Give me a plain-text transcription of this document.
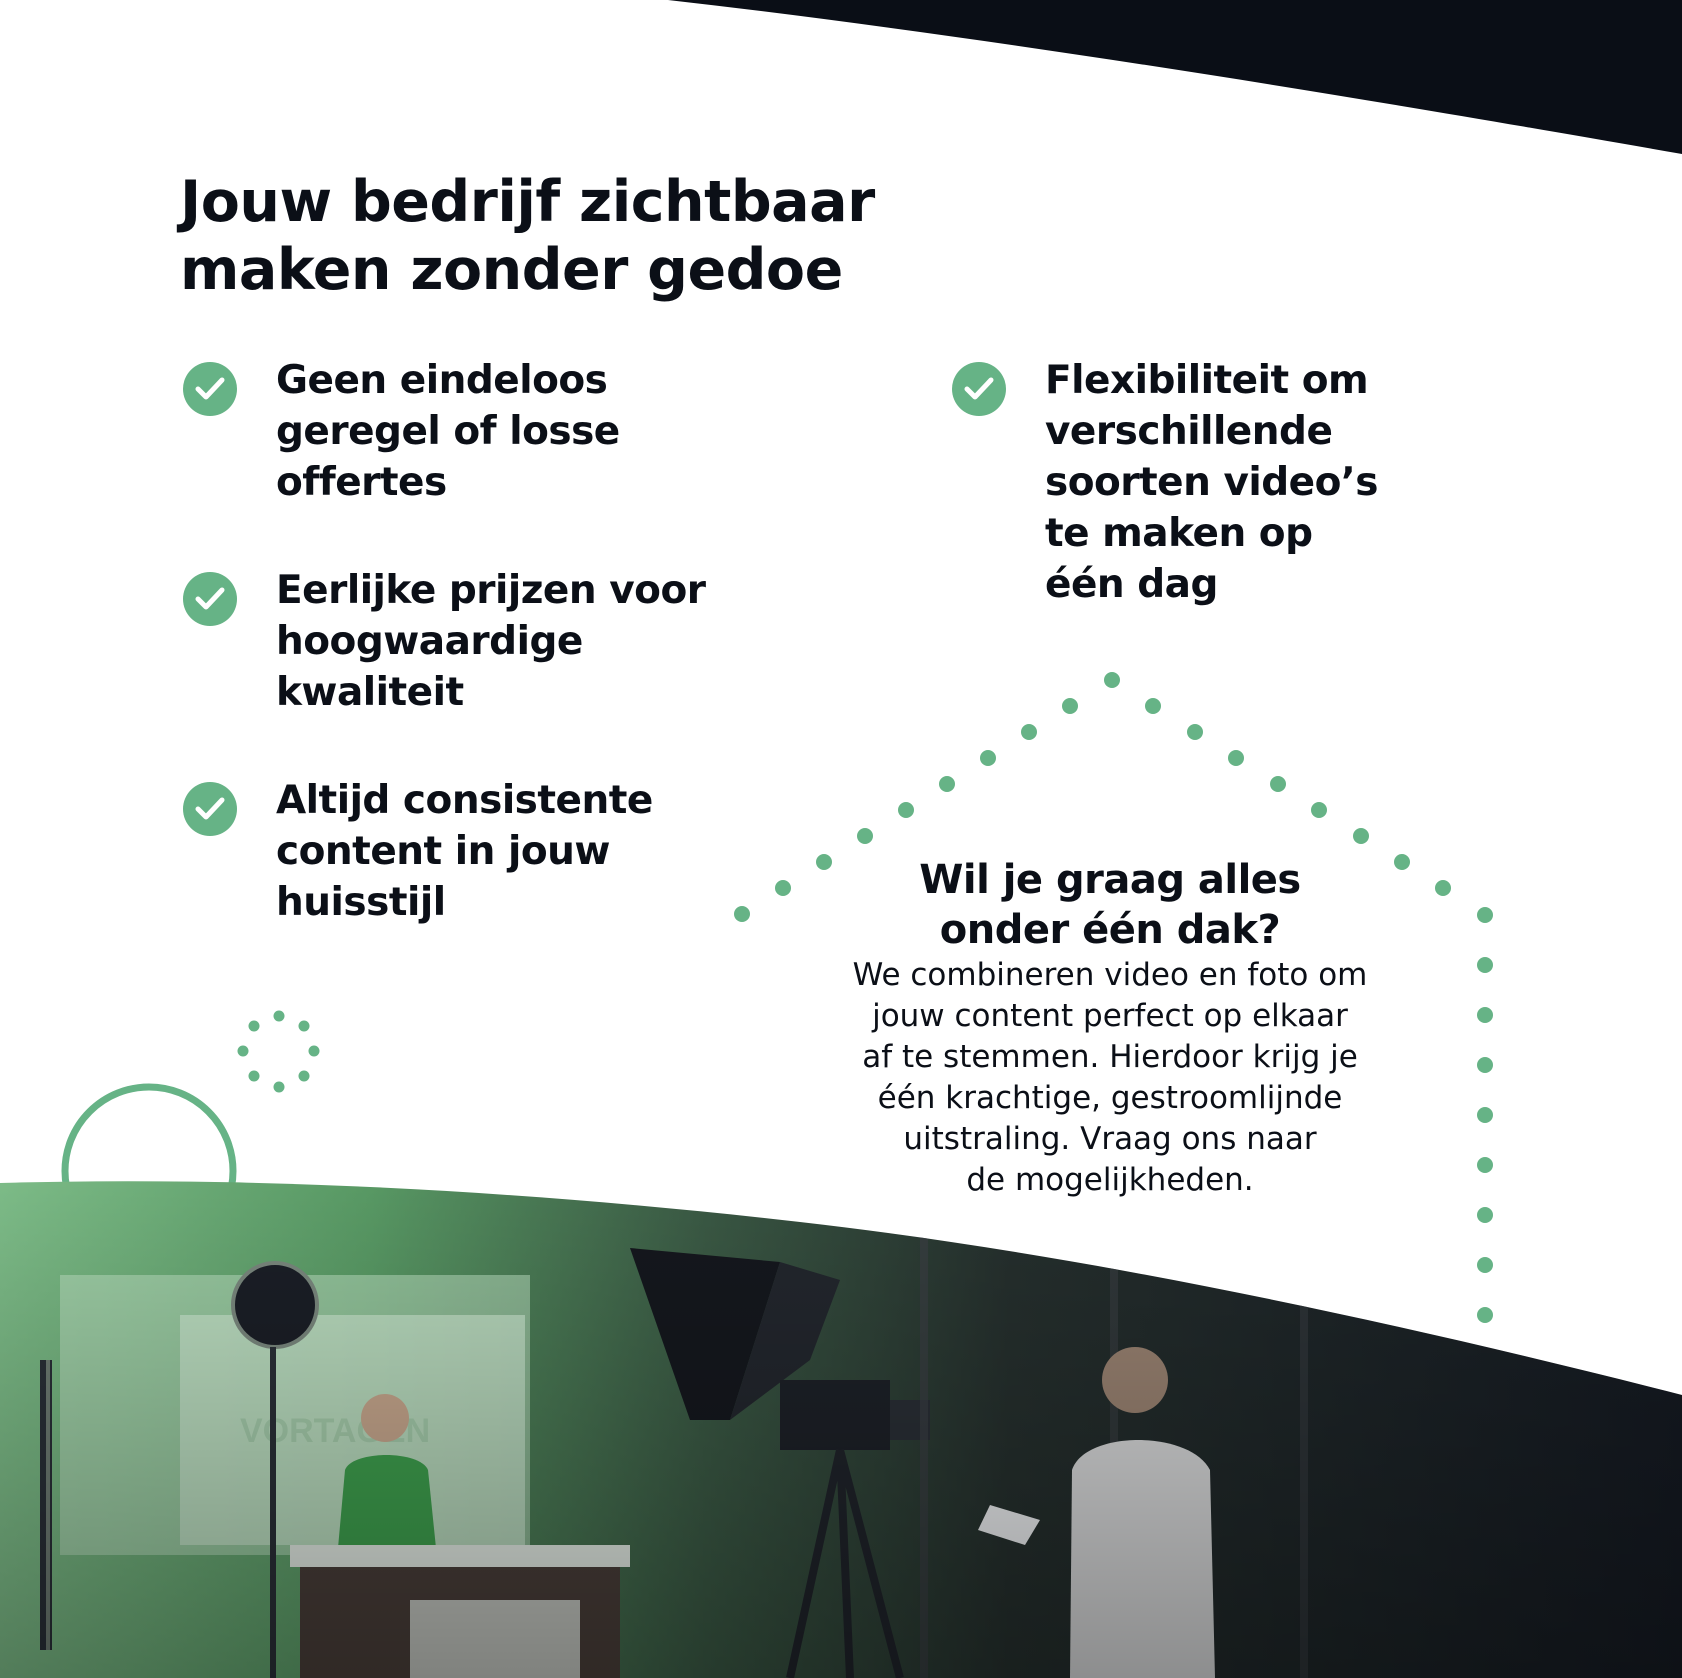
Jouw bedrijf zichtbaar
maken zonder gedoe
Geen eindeloos
geregel of losse
offertes
Eerlijke prijzen voor
hoogwaardige
kwaliteit
Altijd consistente
content in jouw
huisstijl
Flexibiliteit om
verschillende
soorten video’s
te maken op
één dag
Wil je graag alles
onder één dak?

We combineren video en foto om
jouw content perfect op elkaar
af te stemmen. Hierdoor krijg je
één krachtige, gestroomlijnde
uitstraling. Vraag ons naar
de mogelijkheden.
